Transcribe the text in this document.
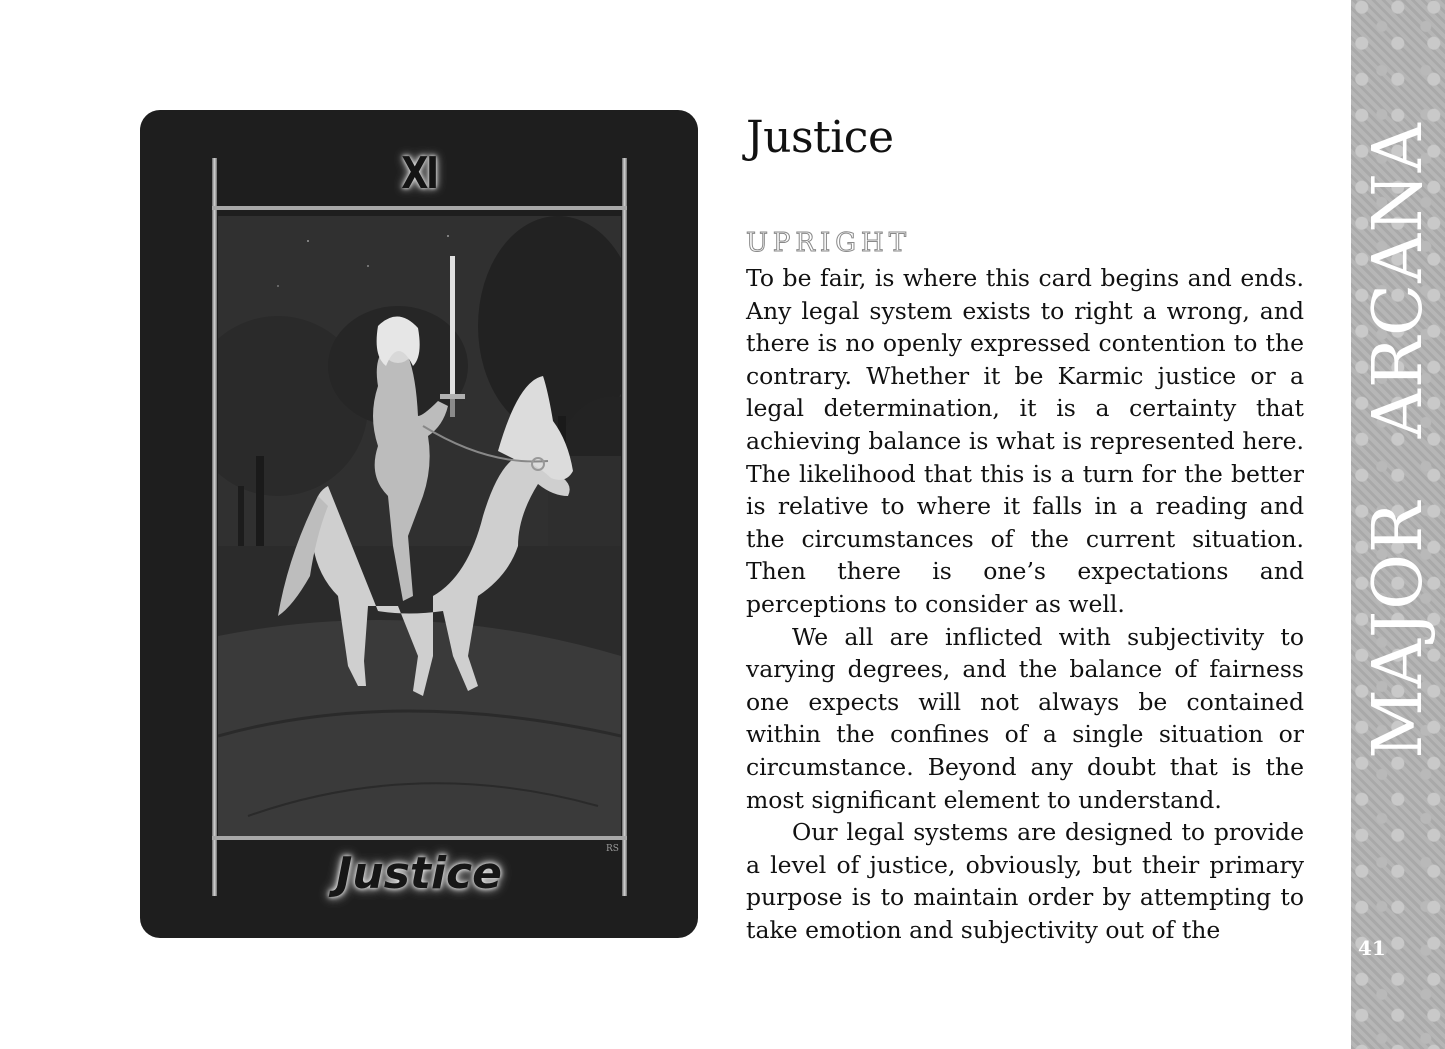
XI
Justice	RS
Justice
UPRIGHT

To be fair, is where this card begins and ends. Any legal system exists to right a wrong, and there is no openly expressed contention to the contrary. Whether it be Karmic justice or a legal determination, it is a certainty that achieving balance is what is represented here. The likelihood that this is a turn for the better is relative to where it falls in a reading and the circumstances of the current situation. Then there is one’s expectations and perceptions to consider as well.

We all are inflicted with subjectivity to varying degrees, and the balance of fairness one expects will not always be contained within the confines of a single situation or circumstance. Beyond any doubt that is the most significant element to understand.

Our legal systems are designed to provide a level of justice, obviously, but their primary purpose is to maintain order by attempting to take emotion and subjectivity out of the

MAJOR ARCANA
41
